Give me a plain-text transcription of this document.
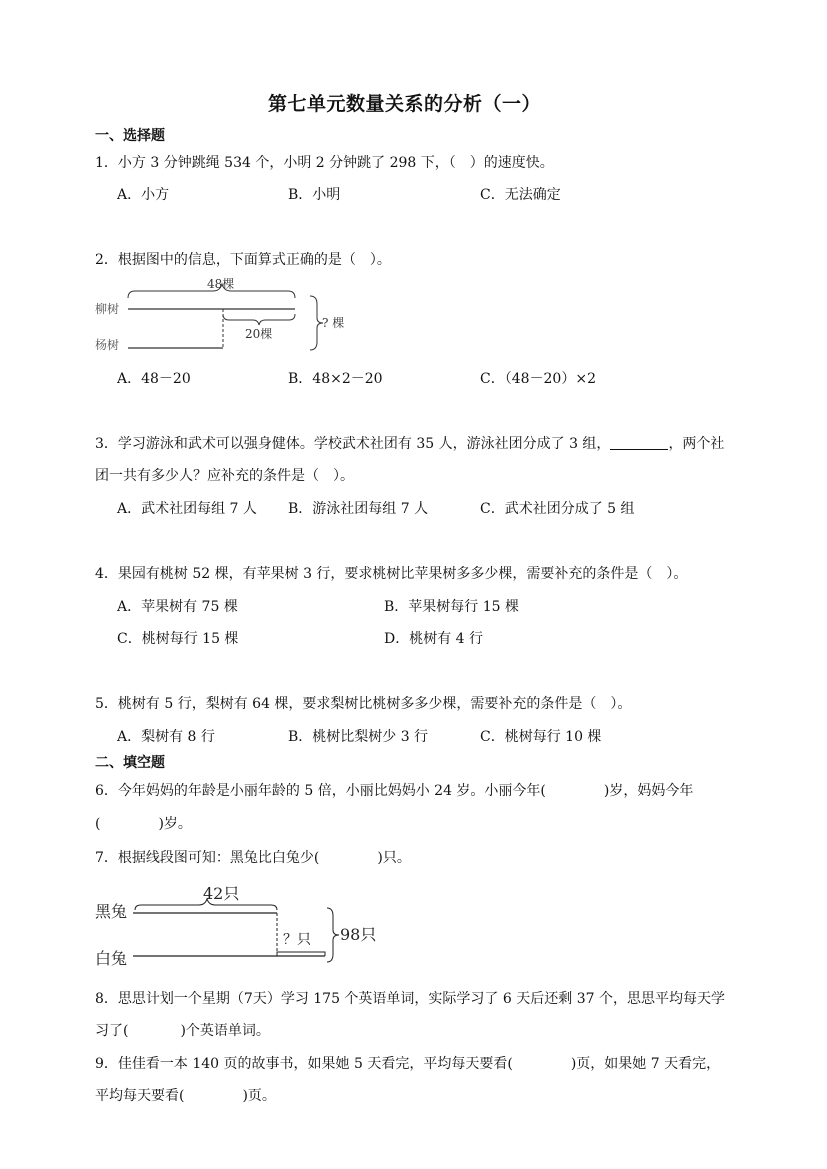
第七单元数量关系的分析（一）
一、选择题
1．小方 3 分钟跳绳 534 个，小明 2 分钟跳了 298 下，（　）的速度快。
A．小方	B．小明	C．无法确定
2．根据图中的信息，下面算式正确的是（　）。
48棵
柳树
杨树
20棵
? 棵
A．48－20	B．48×2－20	C．（48－20）×2
3．学习游泳和武术可以强身健体。学校武术社团有 35 人，游泳社团分成了 3 组，	，两个社
团一共有多少人？应补充的条件是（　）。
A．武术社团每组 7 人 B．游泳社团每组 7 人	C．武术社团分成了 5 组
4．果园有桃树 52 棵，有苹果树 3 行，要求桃树比苹果树多多少棵，需要补充的条件是（　）。
A．苹果树有 75 棵	B．苹果树每行 15 棵
C．桃树每行 15 棵	D．桃树有 4 行
5．桃树有 5 行，梨树有 64 棵，要求梨树比桃树多多少棵，需要补充的条件是（　）。
A．梨树有 8 行	B．桃树比梨树少 3 行	C．桃树每行 10 棵
二、填空题
6．今年妈妈的年龄是小丽年龄的 5 倍，小丽比妈妈小 24 岁。小丽今年(	)岁，妈妈今年
(	)岁。
7．根据线段图可知：黑兔比白兔少(	)只。
42只
黑兔
？只
白兔
98只
8．思思计划一个星期（7天）学习 175 个英语单词，实际学习了 6 天后还剩 37 个，思思平均每天学
习了(	)个英语单词。
9．佳佳看一本 140 页的故事书，如果她 5 天看完，平均每天要看(	)页，如果她 7 天看完，
平均每天要看(	)页。
